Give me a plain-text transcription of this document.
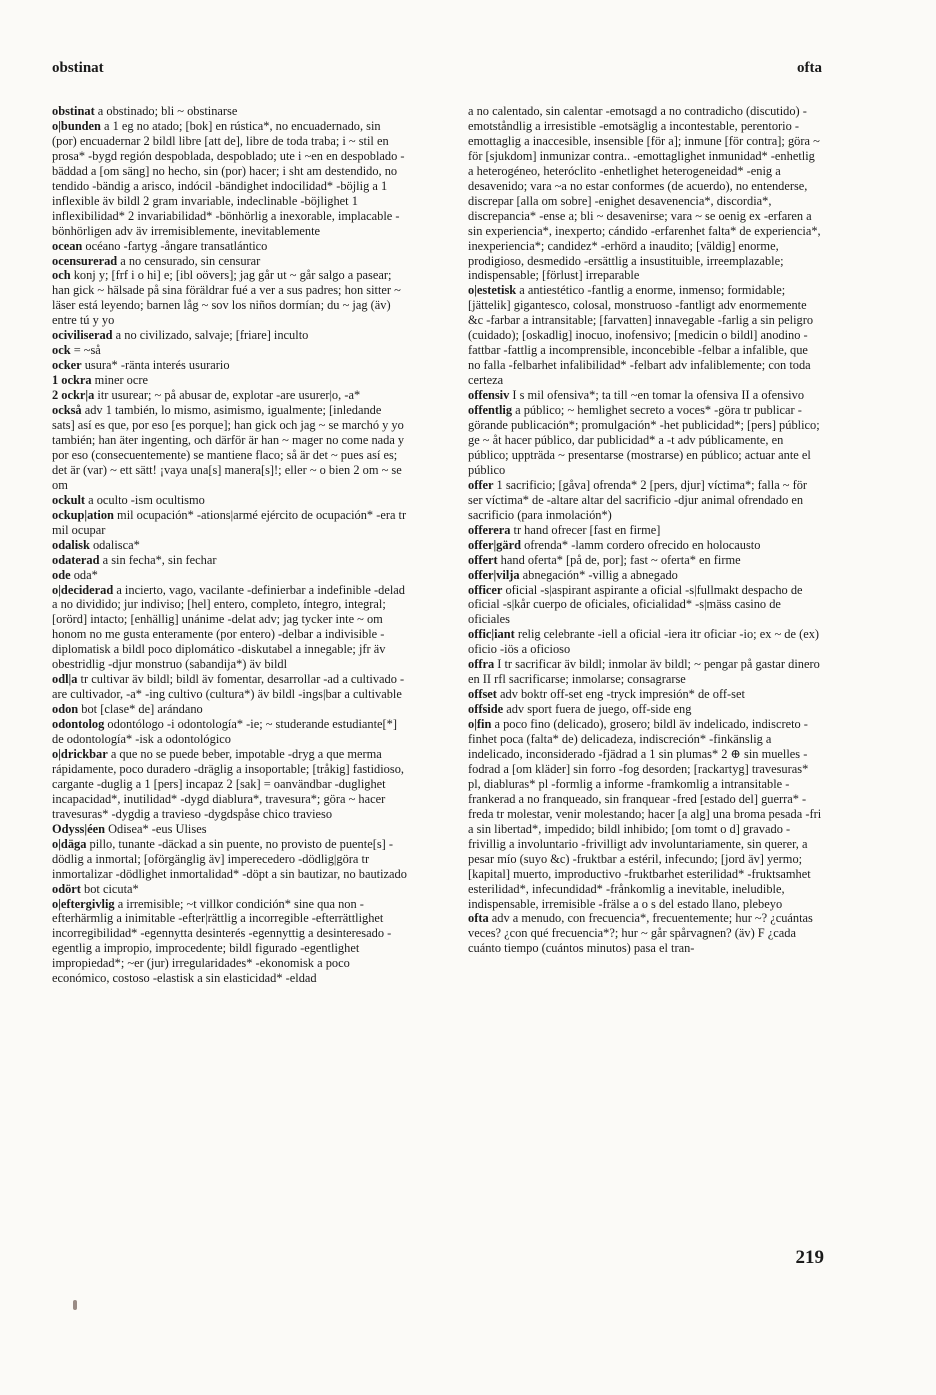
obstinat	ofta

obstinat a obstinado; bli ~ obstinarse

o|bunden a 1 eg no atado; [bok] en rústica*, no encuadernado, sin (por) encuadernar 2 bildl libre [att de], libre de toda traba; i ~ stil en prosa* -bygd región despoblada, despoblado; ute i ~en en despoblado -bäddad a [om säng] no hecho, sin (por) hacer; i sht am destendido, no tendido -bändig a arisco, indócil -bändighet indocilidad* -böjlig a 1 inflexible äv bildl 2 gram invariable, indeclinable -böjlighet 1 inflexibilidad* 2 invariabilidad* -bönhörlig a inexorable, implacable -bönhörligen adv äv irremisiblemente, inevitablemente

ocean océano -fartyg -ångare transatlántico

ocensurerad a no censurado, sin censurar

och konj y; [frf i o hi] e; [ibl oövers]; jag går ut ~ går salgo a pasear; han gick ~ hälsade på sina föräldrar fué a ver a sus padres; hon sitter ~ läser está leyendo; barnen låg ~ sov los niños dormían; du ~ jag (äv) entre tú y yo

ociviliserad a no civilizado, salvaje; [friare] inculto

ock = ~så

ocker usura* -ränta interés usurario

1 ockra miner ocre

2 ockr|a itr usurear; ~ på abusar de, explotar -are usurer|o, -a*

också adv 1 también, lo mismo, asimismo, igualmente; [inledande sats] así es que, por eso [es porque]; han gick och jag ~ se marchó y yo también; han äter ingenting, och därför är han ~ mager no come nada y por eso (consecuentemente) se mantiene flaco; så är det ~ pues así es; det är (var) ~ ett sätt! ¡vaya una[s] manera[s]!; eller ~ o bien 2 om ~ se om

ockult a oculto -ism ocultismo

ockup|ation mil ocupación* -ations|armé ejército de ocupación* -era tr mil ocupar

odalisk odalisca*

odaterad a sin fecha*, sin fechar

ode oda*

o|deciderad a incierto, vago, vacilante -definierbar a indefinible -delad a no dividido; jur indiviso; [hel] entero, completo, íntegro, integral; [orörd] intacto; [enhällig] unánime -delat adv; jag tycker inte ~ om honom no me gusta enteramente (por entero) -delbar a indivisible -diplomatisk a bildl poco diplomático -diskutabel a innegable; jfr äv obestridlig -djur monstruo (sabandija*) äv bildl

odl|a tr cultivar äv bildl; bildl äv fomentar, desarrollar -ad a cultivado -are cultivador, -a* -ing cultivo (cultura*) äv bildl -ings|bar a cultivable

odon bot [clase* de] arándano

odontolog odontólogo -i odontología* -ie; ~ studerande estudiante[*] de odontología* -isk a odontológico

o|drickbar a que no se puede beber, impotable -dryg a que merma rápidamente, poco duradero -dräglig a insoportable; [tråkig] fastidioso, cargante -duglig a 1 [pers] incapaz 2 [sak] = oanvändbar -duglighet incapacidad*, inutilidad* -dygd diablura*, travesura*; göra ~ hacer travesuras* -dygdig a travieso -dygdspåse chico travieso

Odyss|éen Odisea* -eus Ulises

o|däga pillo, tunante -däckad a sin puente, no provisto de puente[s] -dödlig a inmortal; [oförgänglig äv] imperecedero -dödlig|göra tr inmortalizar -dödlighet inmortalidad* -döpt a sin bautizar, no bautizado

odört bot cicuta*

o|eftergivlig a irremisible; ~t villkor condición* sine qua non -efterhärmlig a inimitable -efter|rättlig a incorregible -efterrättlighet incorregibilidad* -egennytta desinterés -egennyttig a desinteresado -egentlig a impropio, improcedente; bildl figurado -egentlighet impropiedad*; ~er (jur) irregularidades* -ekonomisk a poco económico, costoso -elastisk a sin elasticidad* -eldad

a no calentado, sin calentar -emotsagd a no contradicho (discutido) -emotståndlig a irresistible -emotsäglig a incontestable, perentorio -emottaglig a inaccesible, insensible [för a]; inmune [för contra]; göra ~ för [sjukdom] inmunizar contra.. -emottaglighet inmunidad* -enhetlig a heterogéneo, heteróclito -enhetlighet heterogeneidad* -enig a desavenido; vara ~a no estar conformes (de acuerdo), no entenderse, discrepar [alla om sobre] -enighet desavenencia*, discordia*, discrepancia* -ense a; bli ~ desavenirse; vara ~ se oenig ex -erfaren a sin experiencia*, inexperto; cándido -erfarenhet falta* de experiencia*, inexperiencia*; candidez* -erhörd a inaudito; [väldig] enorme, prodigioso, desmedido -ersättlig a insustituible, irreemplazable; indispensable; [förlust] irreparable

o|estetisk a antiestético -fantlig a enorme, inmenso; formidable; [jättelik] gigantesco, colosal, monstruoso -fantligt adv enormemente &c -farbar a intransitable; [farvatten] innavegable -farlig a sin peligro (cuidado); [oskadlig] inocuo, inofensivo; [medicin o bildl] anodino -fattbar -fattlig a incomprensible, inconcebible -felbar a infalible, que no falla -felbarhet infalibilidad* -felbart adv infaliblemente; con toda certeza

offensiv I s mil ofensiva*; ta till ~en tomar la ofensiva II a ofensivo

offentlig a público; ~ hemlighet secreto a voces* -göra tr publicar -görande publicación*; promulgación* -het publicidad*; [pers] público; ge ~ åt hacer público, dar publicidad* a -t adv públicamente, en público; uppträda ~ presentarse (mostrarse) en público; actuar ante el público

offer 1 sacrificio; [gåva] ofrenda* 2 [pers, djur] víctima*; falla ~ för ser víctima* de -altare altar del sacrificio -djur animal ofrendado en sacrificio (para inmolación*)

offerera tr hand ofrecer [fast en firme]

offer|gärd ofrenda* -lamm cordero ofrecido en holocausto

offert hand oferta* [på de, por]; fast ~ oferta* en firme

offer|vilja abnegación* -villig a abnegado

officer oficial -s|aspirant aspirante a oficial -s|fullmakt despacho de oficial -s|kår cuerpo de oficiales, oficialidad* -s|mäss casino de oficiales

offic|iant relig celebrante -iell a oficial -iera itr oficiar -io; ex ~ de (ex) oficio -iös a oficioso

offra I tr sacrificar äv bildl; inmolar äv bildl; ~ pengar på gastar dinero en II rfl sacrificarse; inmolarse; consagrarse

offset adv boktr off-set eng -tryck impresión* de off-set

offside adv sport fuera de juego, off-side eng

o|fin a poco fino (delicado), grosero; bildl äv indelicado, indiscreto -finhet poca (falta* de) delicadeza, indiscreción* -finkänslig a indelicado, inconsiderado -fjädrad a 1 sin plumas* 2 ⊕ sin muelles -fodrad a [om kläder] sin forro -fog desorden; [rackartyg] travesuras* pl, diabluras* pl -formlig a informe -framkomlig a intransitable -frankerad a no franqueado, sin franquear -fred [estado del] guerra* -freda tr molestar, venir molestando; hacer [a alg] una broma pesada -fri a sin libertad*, impedido; bildl inhibido; [om tomt o d] gravado -frivillig a involuntario -frivilligt adv involuntariamente, sin querer, a pesar mío (suyo &c) -fruktbar a estéril, infecundo; [jord äv] yermo; [kapital] muerto, improductivo -fruktbarhet esterilidad* -fruktsamhet esterilidad*, infecundidad* -frånkomlig a inevitable, ineludible, indispensable, irremisible -frälse a o s del estado llano, plebeyo

ofta adv a menudo, con frecuencia*, frecuentemente; hur ~? ¿cuántas veces? ¿con qué frecuencia*?; hur ~ går spårvagnen? (äv) F ¿cada cuánto tiempo (cuántos minutos) pasa el tran-

219
